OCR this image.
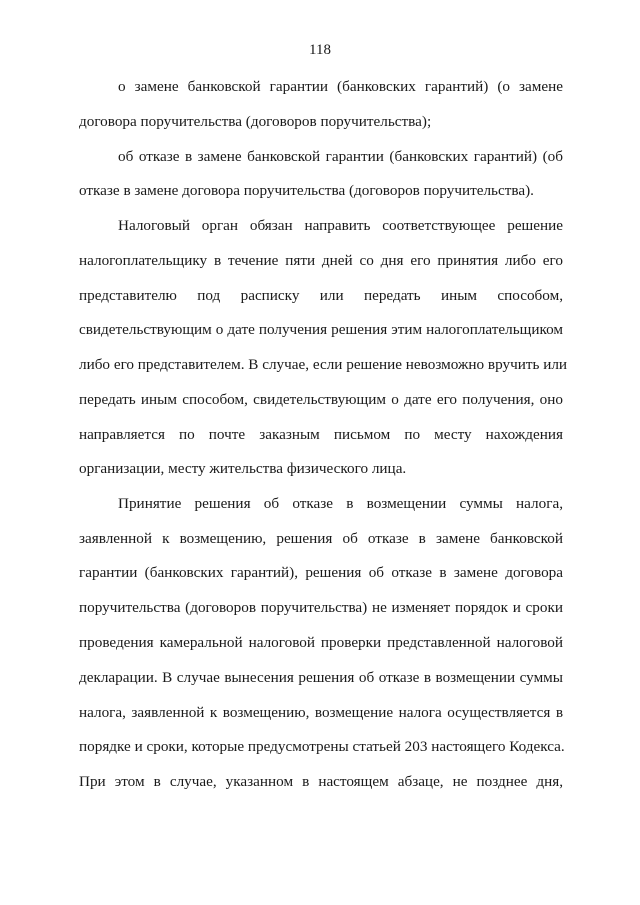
118
о замене банковской гарантии (банковских гарантий) (о замене
договора поручительства (договоров поручительства);
об отказе в замене банковской гарантии (банковских гарантий) (об
отказе в замене договора поручительства (договоров поручительства).
Налоговый орган обязан направить соответствующее решение
налогоплательщику в течение пяти дней со дня его принятия либо его
представителю под расписку или передать иным способом,
свидетельствующим о дате получения решения этим налогоплательщиком
либо его представителем. В случае, если решение невозможно вручить или
передать иным способом, свидетельствующим о дате его получения, оно
направляется по почте заказным письмом по месту нахождения
организации, месту жительства физического лица.
Принятие решения об отказе в возмещении суммы налога,
заявленной к возмещению, решения об отказе в замене банковской
гарантии (банковских гарантий), решения об отказе в замене договора
поручительства (договоров поручительства) не изменяет порядок и сроки
проведения камеральной налоговой проверки представленной налоговой
декларации. В случае вынесения решения об отказе в возмещении суммы
налога, заявленной к возмещению, возмещение налога осуществляется в
порядке и сроки, которые предусмотрены статьей 203 настоящего Кодекса.
При этом в случае, указанном в настоящем абзаце, не позднее дня,
